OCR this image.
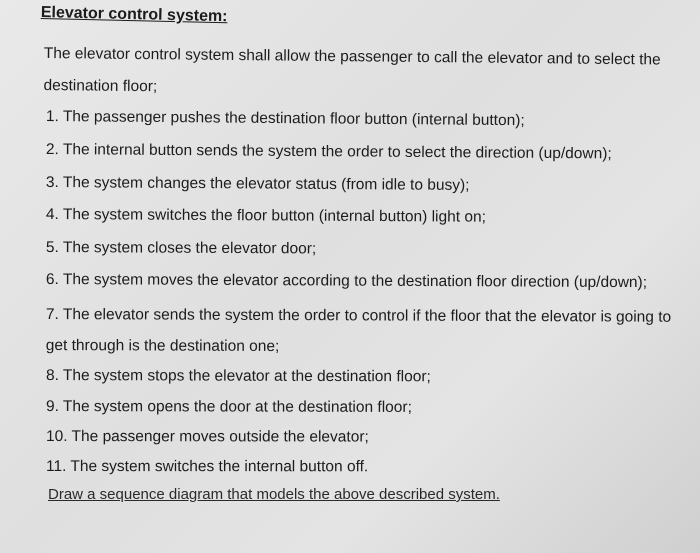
Elevator control system:
The elevator control system shall allow the passenger to call the elevator and to select the destination floor;
1. The passenger pushes the destination floor button (internal button);
2. The internal button sends the system the order to select the direction (up/down);
3. The system changes the elevator status (from idle to busy);
4. The system switches the floor button (internal button) light on;
5. The system closes the elevator door;
6. The system moves the elevator according to the destination floor direction (up/down);
7. The elevator sends the system the order to control if the floor that the elevator is going to get through is the destination one;
8. The system stops the elevator at the destination floor;
9. The system opens the door at the destination floor;
10. The passenger moves outside the elevator;
11. The system switches the internal button off.
Draw a sequence diagram that models the above described system.
